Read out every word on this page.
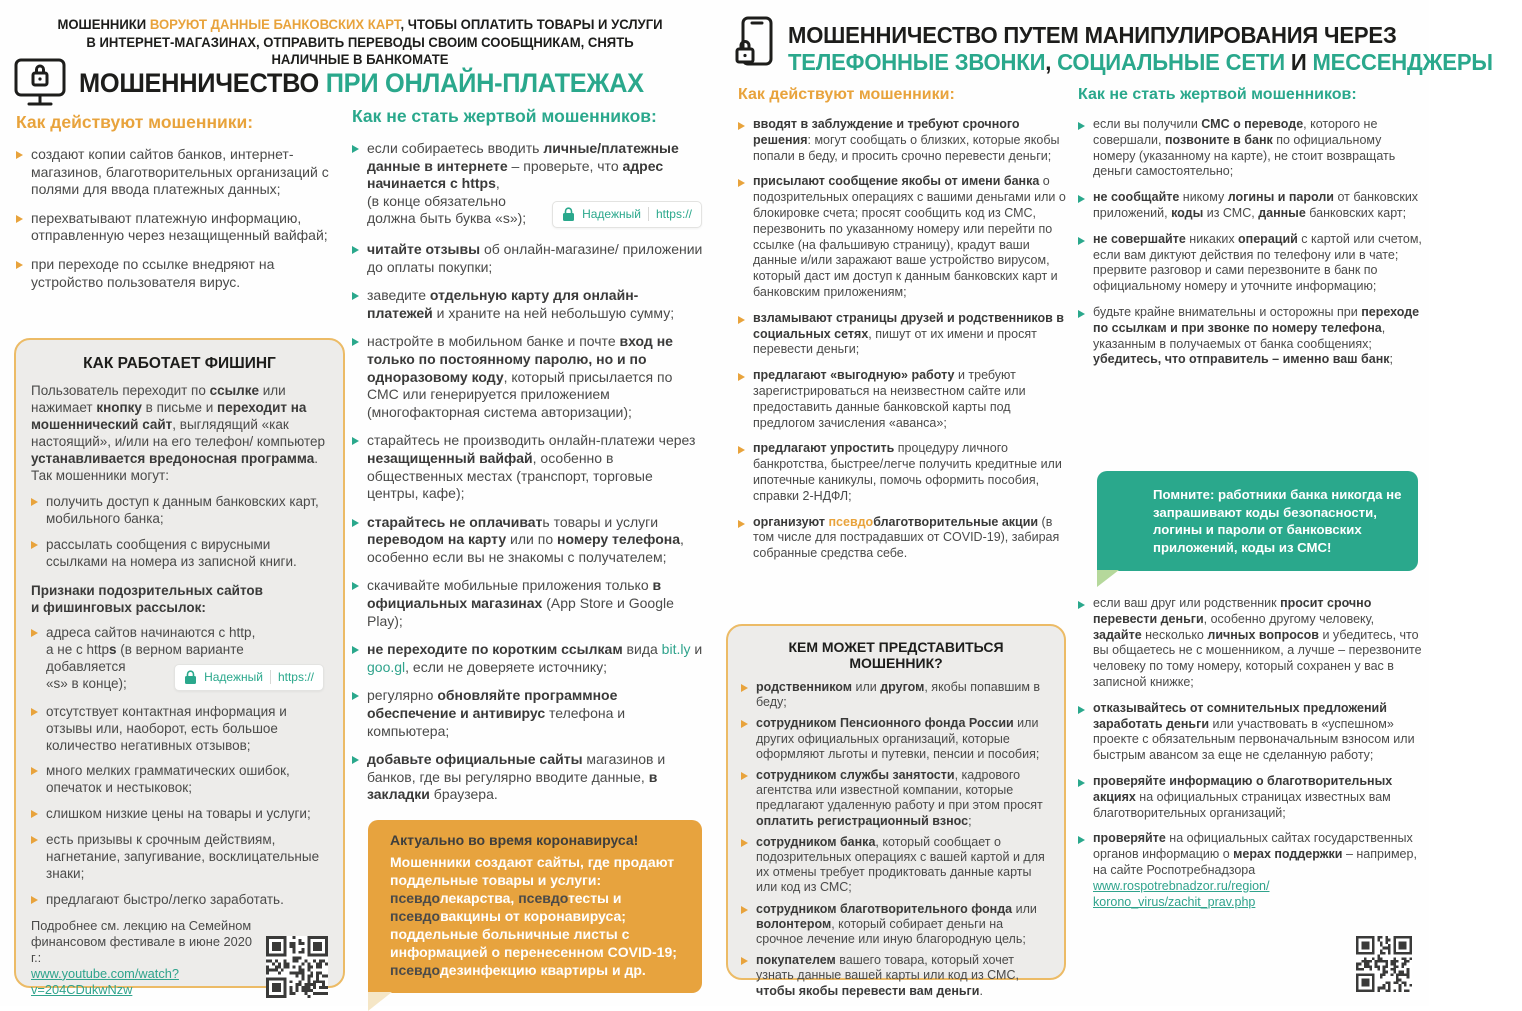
МОШЕННИКИ ВОРУЮТ ДАННЫЕ БАНКОВСКИХ КАРТ, ЧТОБЫ ОПЛАТИТЬ ТОВАРЫ И УСЛУГИ
В ИНТЕРНЕТ-МАГАЗИНАХ, ОТПРАВИТЬ ПЕРЕВОДЫ СВОИМ СООБЩНИКАМ, СНЯТЬ НАЛИЧНЫЕ В БАНКОМАТЕ
МОШЕННИЧЕСТВО ПРИ ОНЛАЙН-ПЛАТЕЖАХ
Как действуют мошенники:
создают копии сайтов банков, интернет-магазинов, благотворительных организаций с полями для ввода платежных данных;
перехватывают платежную информацию, отправленную через незащищенный вайфай;
при переходе по ссылке внедряют на устройство пользователя вирус.
КАК РАБОТАЕТ ФИШИНГ
Пользователь переходит по ссылке или нажимает кнопку в письме и переходит на мошеннический сайт, выглядящий «как настоящий», и/или на его телефон/ компьютер устанавливается вредоносная программа. Так мошенники могут:
получить доступ к данным банковских карт, мобильного банка;
рассылать сообщения с вирусными ссылками на номера из записной книги.
Признаки подозрительных сайтов
и фишинговых рассылок:
адреса сайтов начинаются с http,
а не с https (в верном варианте
добавляется
«s» в конце);	Надежный https://
отсутствует контактная информация и отзывы или, наоборот, есть большое количество негативных отзывов;
много мелких грамматических ошибок, опечаток и нестыковок;
слишком низкие цены на товары и услуги;
есть призывы к срочным действиям, нагнетание, запугивание, восклицательные знаки;
предлагают быстро/легко заработать.
Подробнее см. лекцию на Семейном финансовом фестивале в июне 2020 г.:
www.youtube.com/watch?v=204CDukwNzw
Как не стать жертвой мошенников:
если собираетесь вводить личные/платежные данные в интернете – проверьте, что адрес начинается с https,
(в конце обязательно
должна быть буква «s»);	Надежный https://
читайте отзывы об онлайн-магазине/ приложении до оплаты покупки;
заведите отдельную карту для онлайн-платежей и храните на ней небольшую сумму;
настройте в мобильном банке и почте вход не только по постоянному паролю, но и по одноразовому коду, который присылается по СМС или генерируется приложением (многофакторная система авторизации);
старайтесь не производить онлайн-платежи через незащищенный вайфай, особенно в общественных местах (транспорт, торговые центры, кафе);
старайтесь не оплачивать товары и услуги переводом на карту или по номеру телефона, особенно если вы не знакомы с получателем;
скачивайте мобильные приложения только в официальных магазинах (App Store и Google Play);
не переходите по коротким ссылкам вида bit.ly и goo.gl, если не доверяете источнику;
регулярно обновляйте программное обеспечение и антивирус телефона и компьютера;
добавьте официальные сайты магазинов и банков, где вы регулярно вводите данные, в закладки браузера.
Актуально во время коронавируса!
Мошенники создают сайты, где продают поддельные товары и услуги: псевдолекарства, псевдотесты и псевдовакцины от коронавируса; поддельные больничные листы с информацией о перенесенном COVID-19; псевдодезинфекцию квартиры и др.
МОШЕННИЧЕСТВО ПУТЕМ МАНИПУЛИРОВАНИЯ ЧЕРЕЗ
ТЕЛЕФОННЫЕ ЗВОНКИ, СОЦИАЛЬНЫЕ СЕТИ И МЕССЕНДЖЕРЫ
Как действуют мошенники:
вводят в заблуждение и требуют срочного решения: могут сообщать о близких, которые якобы попали в беду, и просить срочно перевести деньги;
присылают сообщение якобы от имени банка о подозрительных операциях с вашими деньгами или о блокировке счета; просят сообщить код из СМС, перезвонить по указанному номеру или перейти по ссылке (на фальшивую страницу), крадут ваши данные и/или заражают ваше устройство вирусом, который даст им доступ к данным банковских карт и банковским приложениям;
взламывают страницы друзей и родственников в социальных сетях, пишут от их имени и просят перевести деньги;
предлагают «выгодную» работу и требуют зарегистрироваться на неизвестном сайте или предоставить данные банковской карты под предлогом зачисления «аванса»;
предлагают упростить процедуру личного банкротства, быстрее/легче получить кредитные или ипотечные каникулы, помочь оформить пособия, справки 2-НДФЛ;
организуют псевдоблаготворительные акции (в том числе для пострадавших от COVID-19), забирая собранные средства себе.
КЕМ МОЖЕТ ПРЕДСТАВИТЬСЯ МОШЕННИК?
родственником или другом, якобы попавшим в беду;
сотрудником Пенсионного фонда России или других официальных организаций, которые оформляют льготы и путевки, пенсии и пособия;
сотрудником службы занятости, кадрового агентства или известной компании, которые предлагают удаленную работу и при этом просят оплатить регистрационный взнос;
сотрудником банка, который сообщает о подозрительных операциях с вашей картой и для их отмены требует продиктовать данные карты или код из СМС;
сотрудником благотворительного фонда или волонтером, который собирает деньги на срочное лечение или иную благородную цель;
покупателем вашего товара, который хочет узнать данные вашей карты или код из СМС, чтобы якобы перевести вам деньги.
Как не стать жертвой мошенников:
если вы получили СМС о переводе, которого не совершали, позвоните в банк по официальному номеру (указанному на карте), не стоит возвращать деньги самостоятельно;
не сообщайте никому логины и пароли от банковских приложений, коды из СМС, данные банковских карт;
не совершайте никаких операций с картой или счетом, если вам диктуют действия по телефону или в чате; прервите разговор и сами перезвоните в банк по официальному номеру и уточните информацию;
будьте крайне внимательны и осторожны при переходе по ссылкам и при звонке по номеру телефона, указанным в получаемых от банка сообщениях; убедитесь, что отправитель – именно ваш банк;
Помните: работники банка никогда не запрашивают коды безопасности, логины и пароли от банковских приложений, коды из СМС!
если ваш друг или родственник просит срочно перевести деньги, особенно другому человеку, задайте несколько личных вопросов и убедитесь, что вы общаетесь не с мошенником, а лучше – перезвоните человеку по тому номеру, который сохранен у вас в записной книжке;
отказывайтесь от сомнительных предложений заработать деньги или участвовать в «успешном» проекте с обязательным первоначальным взносом или быстрым авансом за еще не сделанную работу;
проверяйте информацию о благотворительных акциях на официальных страницах известных вам благотворительных организаций;
проверяйте на официальных сайтах государственных органов информацию о мерах поддержки – например, на сайте Роспотребнадзора www.rospotrebnadzor.ru/region/
korono_virus/zachit_prav.php
